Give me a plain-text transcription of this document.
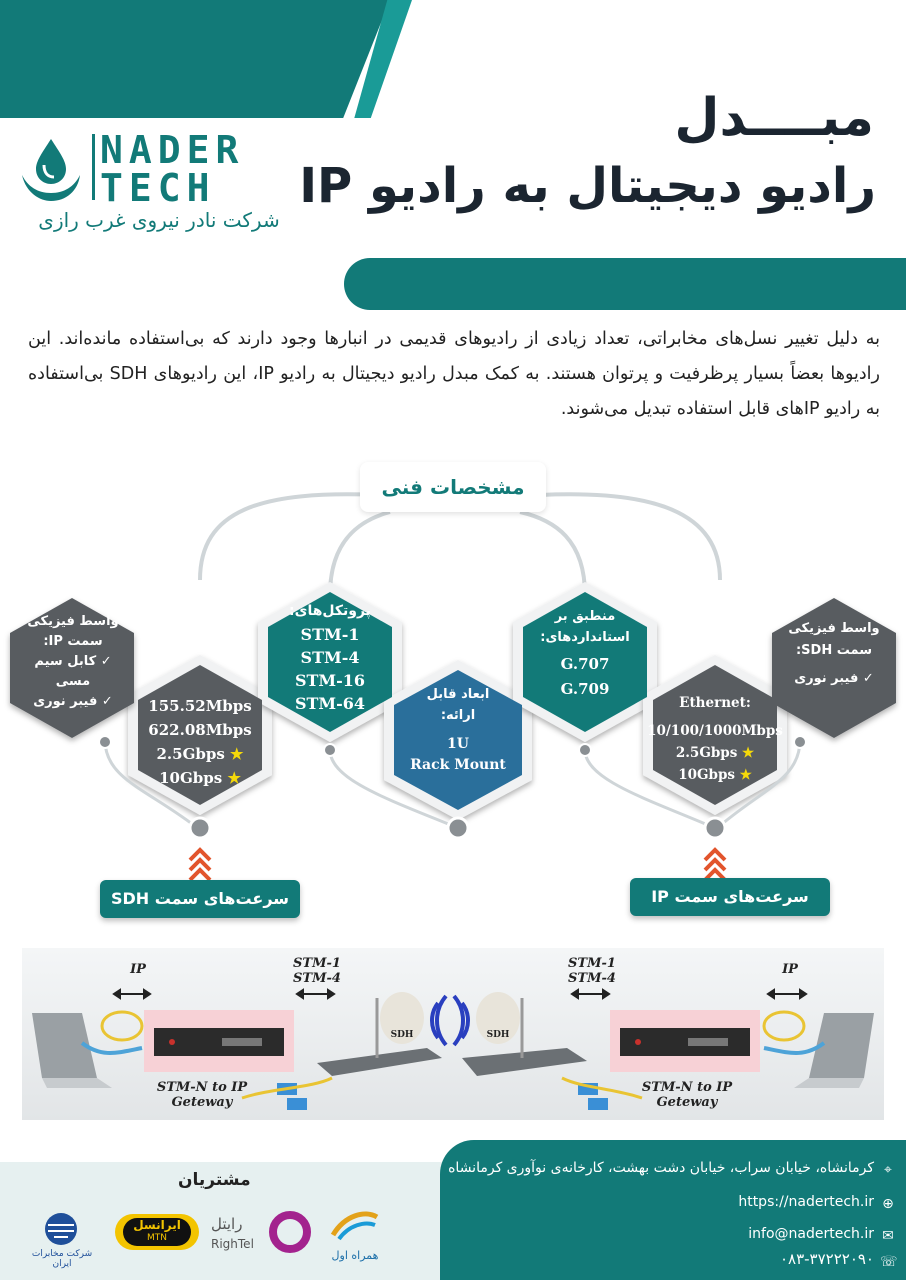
NADER
TECH
شرکت نادر نیروی غرب رازی
مبــــدل
رادیو دیجیتال به رادیو IP
به دلیل تغییر نسل‌های مخابراتی، تعداد زیادی از رادیوهای قدیمی در انبارها وجود دارند که بی‌استفاده مانده‌اند. این رادیوها بعضاً بسیار پرظرفیت و پرتوان هستند. به کمک مبدل رادیو دیجیتال به رادیو IP، این رادیوهای SDH بی‌استفاده به رادیو IPهای قابل استفاده تبدیل می‌شوند.
مشخصات فنی
واسط فیزیکی سمت IP:
✓ کابل سیم مسی
✓ فیبر نوری	155.52Mbps
622.08Mbps
2.5Gbps ★
10Gbps ★
پروتکل‌های:
STM-1
STM-4
STM-16
STM-64	ابعاد قابل ارائه:
1U
Rack Mount
منطبق بر استانداردهای:
G.707
G.709
Ethernet:
10/100/1000Mbps
2.5Gbps ★
10Gbps ★
واسط فیزیکی سمت SDH:
✓ فیبر نوری
سرعت‌های سمت SDH	سرعت‌های سمت IP
IP	STM-1
STM-4
STM-1
STM-4
IP
STM-N to IP
Geteway
STM-N to IP
Geteway
SDH	SDH
⌖
کرمانشاه، خیابان سراب، خیابان دشت بهشت، کارخانه‌ی نوآوری کرمانشاه
⊕
https://nadertech.ir
✉
info@nadertech.ir
☏
۰۸۳-۳۷۲۲۲۰۹۰
مشتریان
همراه اول
رایتل
RighTel
ایرانسل
MTN
شرکت مخابرات ایران
